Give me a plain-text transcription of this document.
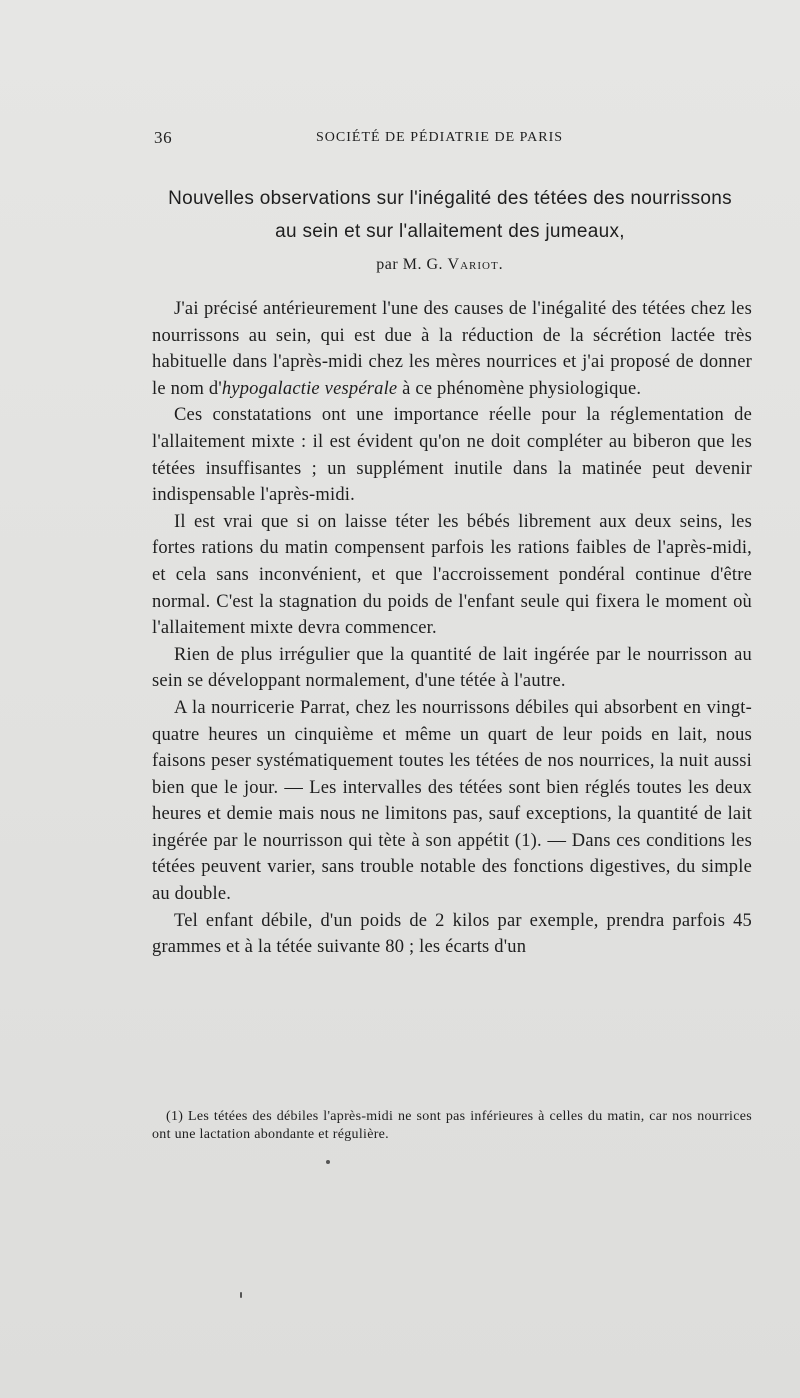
36	SOCIÉTÉ DE PÉDIATRIE DE PARIS
Nouvelles observations sur l'inégalité des tétées des nourrissons
au sein et sur l'allaitement des jumeaux,
par M. G. Variot.

J'ai précisé antérieurement l'une des causes de l'inégalité des tétées chez les nourrissons au sein, qui est due à la réduction de la sécrétion lactée très habituelle dans l'après-midi chez les mères nourrices et j'ai proposé de donner le nom d'hypogalactie vespérale à ce phénomène physiologique.

Ces constatations ont une importance réelle pour la réglementation de l'allaitement mixte : il est évident qu'on ne doit compléter au biberon que les tétées insuffisantes ; un supplément inutile dans la matinée peut devenir indispensable l'après-midi.

Il est vrai que si on laisse téter les bébés librement aux deux seins, les fortes rations du matin compensent parfois les rations faibles de l'après-midi, et cela sans inconvénient, et que l'accroissement pondéral continue d'être normal. C'est la stagnation du poids de l'enfant seule qui fixera le moment où l'allaitement mixte devra commencer.

Rien de plus irrégulier que la quantité de lait ingérée par le nourrisson au sein se développant normalement, d'une tétée à l'autre.

A la nourricerie Parrat, chez les nourrissons débiles qui absorbent en vingt-quatre heures un cinquième et même un quart de leur poids en lait, nous faisons peser systématiquement toutes les tétées de nos nourrices, la nuit aussi bien que le jour. — Les intervalles des tétées sont bien réglés toutes les deux heures et demie mais nous ne limitons pas, sauf exceptions, la quantité de lait ingérée par le nourrisson qui tète à son appétit (1). — Dans ces conditions les tétées peuvent varier, sans trouble notable des fonctions digestives, du simple au double.

Tel enfant débile, d'un poids de 2 kilos par exemple, prendra parfois 45 grammes et à la tétée suivante 80 ; les écarts d'un

(1) Les tétées des débiles l'après-midi ne sont pas inférieures à celles du matin, car nos nourrices ont une lactation abondante et régulière.
